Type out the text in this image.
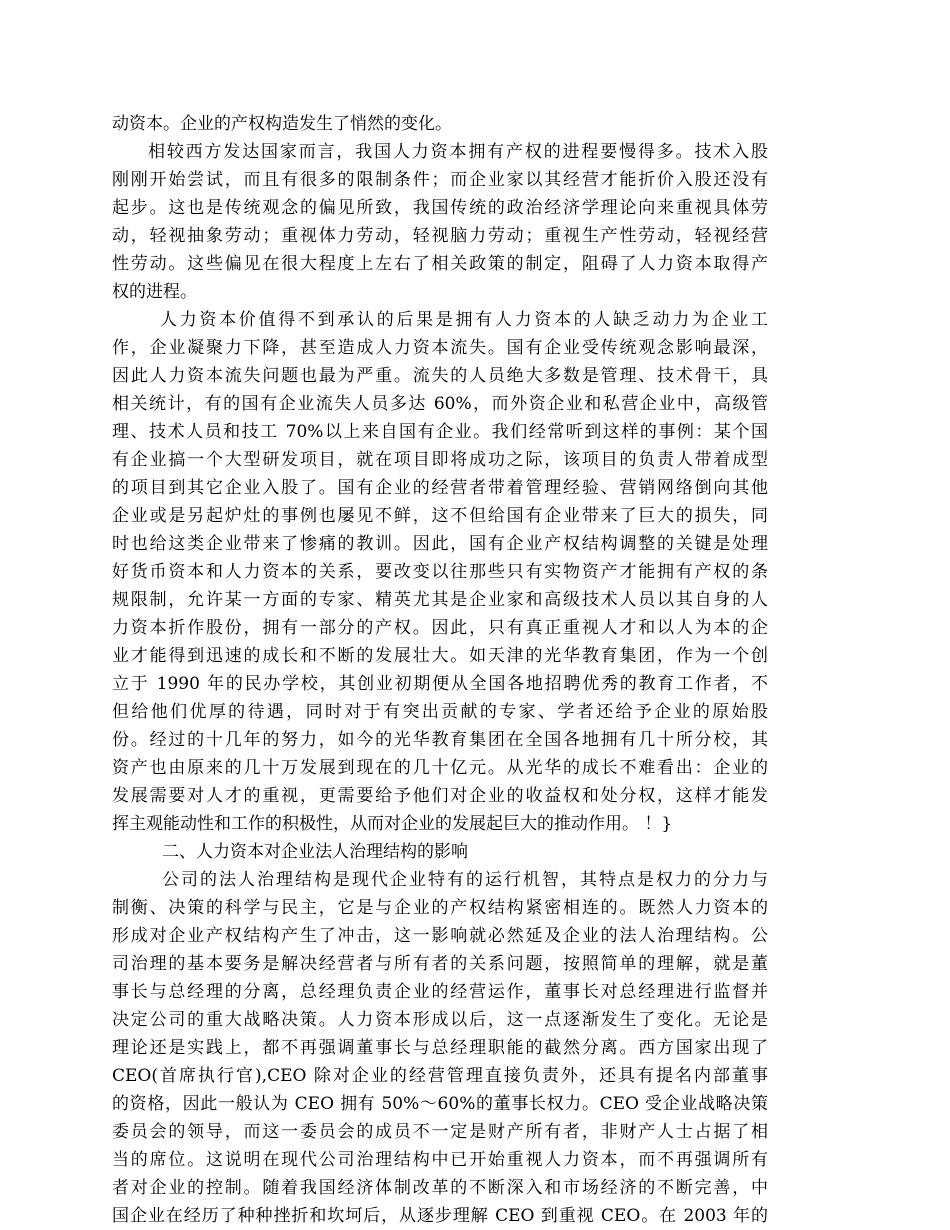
动资本。企业的产权构造发生了悄然的变化。
相较西方发达国家而言，我国人力资本拥有产权的进程要慢得多。技术入股
刚刚开始尝试，而且有很多的限制条件；而企业家以其经营才能折价入股还没有
起步。这也是传统观念的偏见所致，我国传统的政治经济学理论向来重视具体劳
动，轻视抽象劳动；重视体力劳动，轻视脑力劳动；重视生产性劳动，轻视经营
性劳动。这些偏见在很大程度上左右了相关政策的制定，阻碍了人力资本取得产
权的进程。
人力资本价值得不到承认的后果是拥有人力资本的人缺乏动力为企业工
作，企业凝聚力下降，甚至造成人力资本流失。国有企业受传统观念影响最深，
因此人力资本流失问题也最为严重。流失的人员绝大多数是管理、技术骨干，具
相关统计，有的国有企业流失人员多达 60%，而外资企业和私营企业中，高级管
理、技术人员和技工 70%以上来自国有企业。我们经常听到这样的事例：某个国
有企业搞一个大型研发项目，就在项目即将成功之际，该项目的负责人带着成型
的项目到其它企业入股了。国有企业的经营者带着管理经验、营销网络倒向其他
企业或是另起炉灶的事例也屡见不鲜，这不但给国有企业带来了巨大的损失，同
时也给这类企业带来了惨痛的教训。因此，国有企业产权结构调整的关键是处理
好货币资本和人力资本的关系，要改变以往那些只有实物资产才能拥有产权的条
规限制，允许某一方面的专家、精英尤其是企业家和高级技术人员以其自身的人
力资本折作股份，拥有一部分的产权。因此，只有真正重视人才和以人为本的企
业才能得到迅速的成长和不断的发展壮大。如天津的光华教育集团，作为一个创
立于 1990 年的民办学校，其创业初期便从全国各地招聘优秀的教育工作者，不
但给他们优厚的待遇，同时对于有突出贡献的专家、学者还给予企业的原始股
份。经过的十几年的努力，如今的光华教育集团在全国各地拥有几十所分校，其
资产也由原来的几十万发展到现在的几十亿元。从光华的成长不难看出：企业的
发展需要对人才的重视，更需要给予他们对企业的收益权和处分权，这样才能发
挥主观能动性和工作的积极性，从而对企业的发展起巨大的推动作用。 ！}
二、人力资本对企业法人治理结构的影响
公司的法人治理结构是现代企业特有的运行机智，其特点是权力的分力与
制衡、决策的科学与民主，它是与企业的产权结构紧密相连的。既然人力资本的
形成对企业产权结构产生了冲击，这一影响就必然延及企业的法人治理结构。公
司治理的基本要务是解决经营者与所有者的关系问题，按照简单的理解，就是董
事长与总经理的分离，总经理负责企业的经营运作，董事长对总经理进行监督并
决定公司的重大战略决策。人力资本形成以后，这一点逐渐发生了变化。无论是
理论还是实践上，都不再强调董事长与总经理职能的截然分离。西方国家出现了
CEO(首席执行官),CEO 除对企业的经营管理直接负责外，还具有提名内部董事
的资格，因此一般认为 CEO 拥有 50%～60%的董事长权力。CEO 受企业战略决策
委员会的领导，而这一委员会的成员不一定是财产所有者，非财产人士占据了相
当的席位。这说明在现代公司治理结构中已开始重视人力资本，而不再强调所有
者对企业的控制。随着我国经济体制改革的不断深入和市场经济的不断完善，中
国企业在经历了种种挫折和坎坷后，从逐步理解 CEO 到重视 CEO。在 2003 年的
